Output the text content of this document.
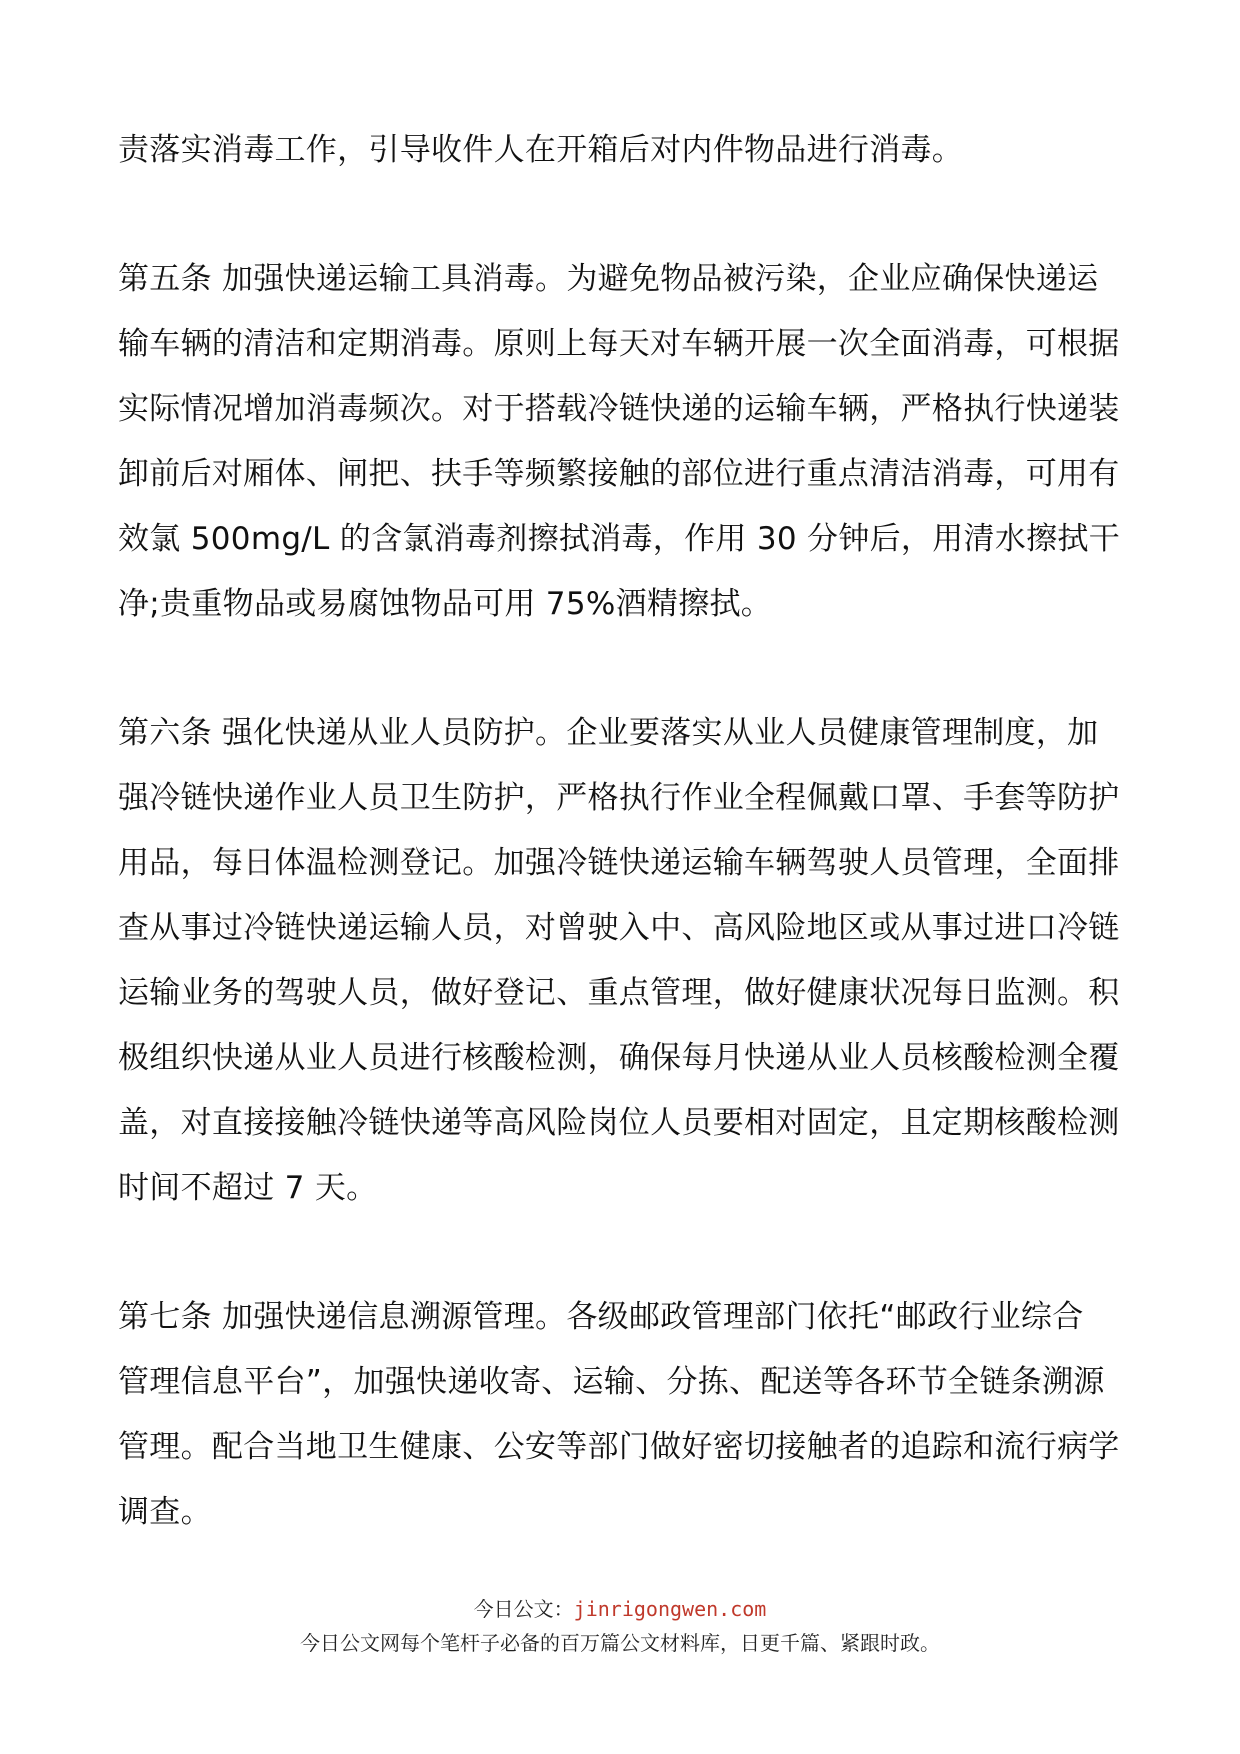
责落实消毒工作，引导收件人在开箱后对内件物品进行消毒。

第五条 加强快递运输工具消毒。为避免物品被污染，企业应确保快递运
输车辆的清洁和定期消毒。原则上每天对车辆开展一次全面消毒，可根据
实际情况增加消毒频次。对于搭载冷链快递的运输车辆，严格执行快递装
卸前后对厢体、闸把、扶手等频繁接触的部位进行重点清洁消毒，可用有
效氯 500mg/L 的含氯消毒剂擦拭消毒，作用 30 分钟后，用清水擦拭干
净;贵重物品或易腐蚀物品可用 75%酒精擦拭。

第六条 强化快递从业人员防护。企业要落实从业人员健康管理制度，加
强冷链快递作业人员卫生防护，严格执行作业全程佩戴口罩、手套等防护
用品，每日体温检测登记。加强冷链快递运输车辆驾驶人员管理，全面排
查从事过冷链快递运输人员，对曾驶入中、高风险地区或从事过进口冷链
运输业务的驾驶人员，做好登记、重点管理，做好健康状况每日监测。积
极组织快递从业人员进行核酸检测，确保每月快递从业人员核酸检测全覆
盖，对直接接触冷链快递等高风险岗位人员要相对固定，且定期核酸检测
时间不超过 7 天。

第七条 加强快递信息溯源管理。各级邮政管理部门依托“邮政行业综合
管理信息平台”，加强快递收寄、运输、分拣、配送等各环节全链条溯源
管理。配合当地卫生健康、公安等部门做好密切接触者的追踪和流行病学
调查。

今日公文：jinrigongwen.com
今日公文网每个笔杆子必备的百万篇公文材料库，日更千篇、紧跟时政。
